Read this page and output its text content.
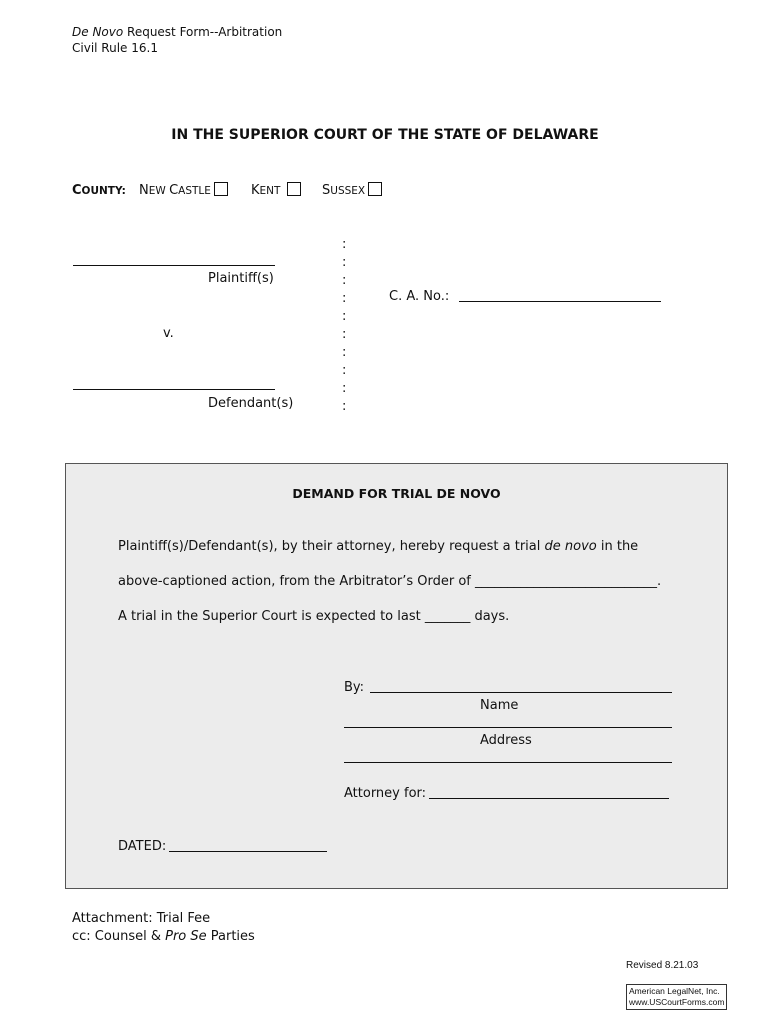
De Novo Request Form--Arbitration
Civil Rule 16.1
IN THE SUPERIOR COURT OF THE STATE OF DELAWARE
COUNTY: NEW CASTLE	KENT	SUSSEX
Plaintiff(s)
v.
Defendant(s)
:
:
:
:
:
:
:
:
:
:
C. A. No.:
DEMAND FOR TRIAL DE NOVO
Plaintiff(s)/Defendant(s), by their attorney, hereby request a trial de novo in the
above-captioned action, from the Arbitrator’s Order of ____________________________.
A trial in the Superior Court is expected to last _______ days.
By:
Name
Address
Attorney for:
DATED:
Attachment: Trial Fee
cc: Counsel & Pro Se Parties
Revised 8.21.03
American LegalNet, Inc.
www.USCourtForms.com
